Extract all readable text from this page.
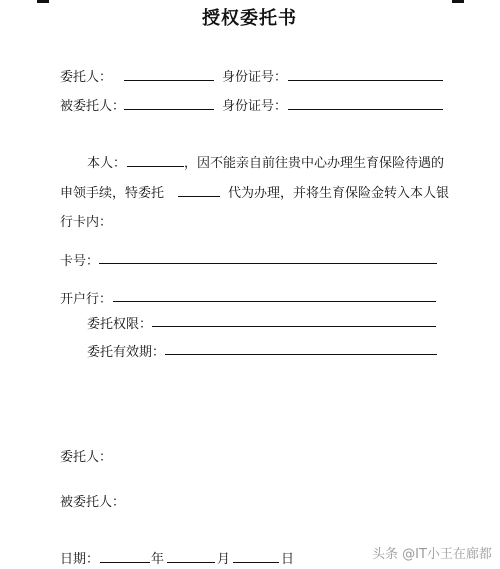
授权委托书
委托人：	身份证号：
被委托人：	身份证号：
本人：	，因不能亲自前往贵中心办理生育保险待遇的
申领手续，特委托	代为办理，并将生育保险金转入本人银
行卡内：
卡号：
开户行：
委托权限：
委托有效期：
委托人：
被委托人：
日期：	年	月	日	头条 @IT小王在廊都
